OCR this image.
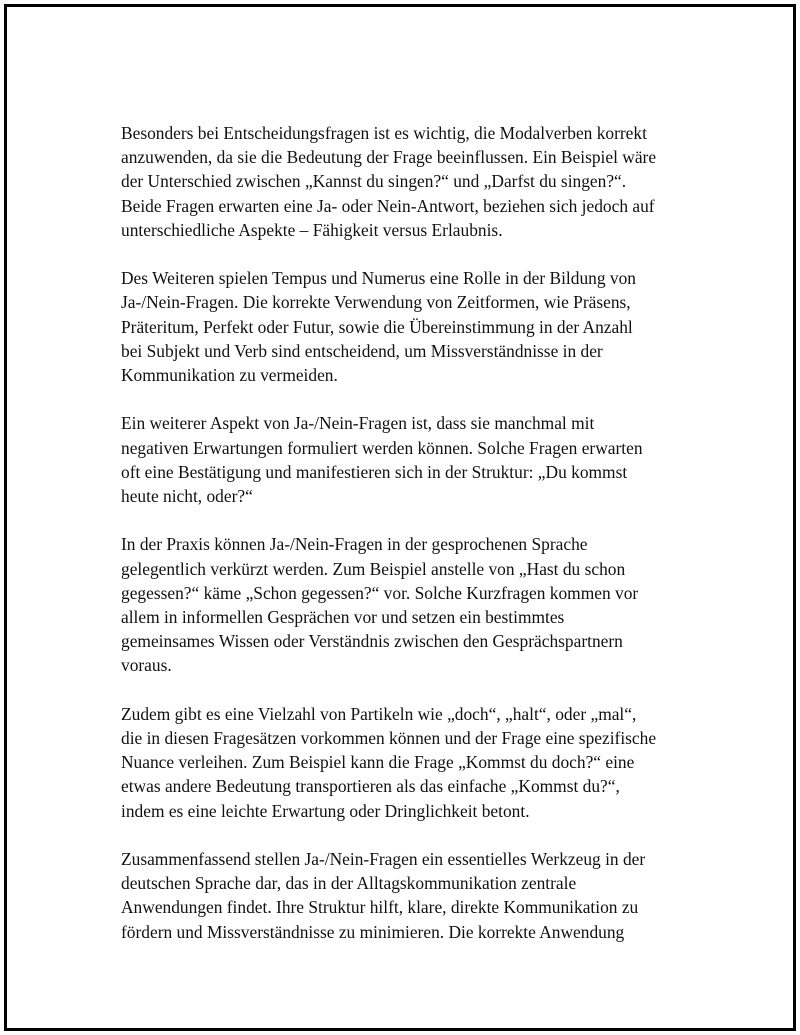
Besonders bei Entscheidungsfragen ist es wichtig, die Modalverben korrekt
anzuwenden, da sie die Bedeutung der Frage beeinflussen. Ein Beispiel wäre
der Unterschied zwischen „Kannst du singen?“ und „Darfst du singen?“.
Beide Fragen erwarten eine Ja- oder Nein-Antwort, beziehen sich jedoch auf
unterschiedliche Aspekte – Fähigkeit versus Erlaubnis.

Des Weiteren spielen Tempus und Numerus eine Rolle in der Bildung von
Ja-/Nein-Fragen. Die korrekte Verwendung von Zeitformen, wie Präsens,
Präteritum, Perfekt oder Futur, sowie die Übereinstimmung in der Anzahl
bei Subjekt und Verb sind entscheidend, um Missverständnisse in der
Kommunikation zu vermeiden.

Ein weiterer Aspekt von Ja-/Nein-Fragen ist, dass sie manchmal mit
negativen Erwartungen formuliert werden können. Solche Fragen erwarten
oft eine Bestätigung und manifestieren sich in der Struktur: „Du kommst
heute nicht, oder?“

In der Praxis können Ja-/Nein-Fragen in der gesprochenen Sprache
gelegentlich verkürzt werden. Zum Beispiel anstelle von „Hast du schon
gegessen?“ käme „Schon gegessen?“ vor. Solche Kurzfragen kommen vor
allem in informellen Gesprächen vor und setzen ein bestimmtes
gemeinsames Wissen oder Verständnis zwischen den Gesprächspartnern
voraus.

Zudem gibt es eine Vielzahl von Partikeln wie „doch“, „halt“, oder „mal“,
die in diesen Fragesätzen vorkommen können und der Frage eine spezifische
Nuance verleihen. Zum Beispiel kann die Frage „Kommst du doch?“ eine
etwas andere Bedeutung transportieren als das einfache „Kommst du?“,
indem es eine leichte Erwartung oder Dringlichkeit betont.

Zusammenfassend stellen Ja-/Nein-Fragen ein essentielles Werkzeug in der
deutschen Sprache dar, das in der Alltagskommunikation zentrale
Anwendungen findet. Ihre Struktur hilft, klare, direkte Kommunikation zu
fördern und Missverständnisse zu minimieren. Die korrekte Anwendung
